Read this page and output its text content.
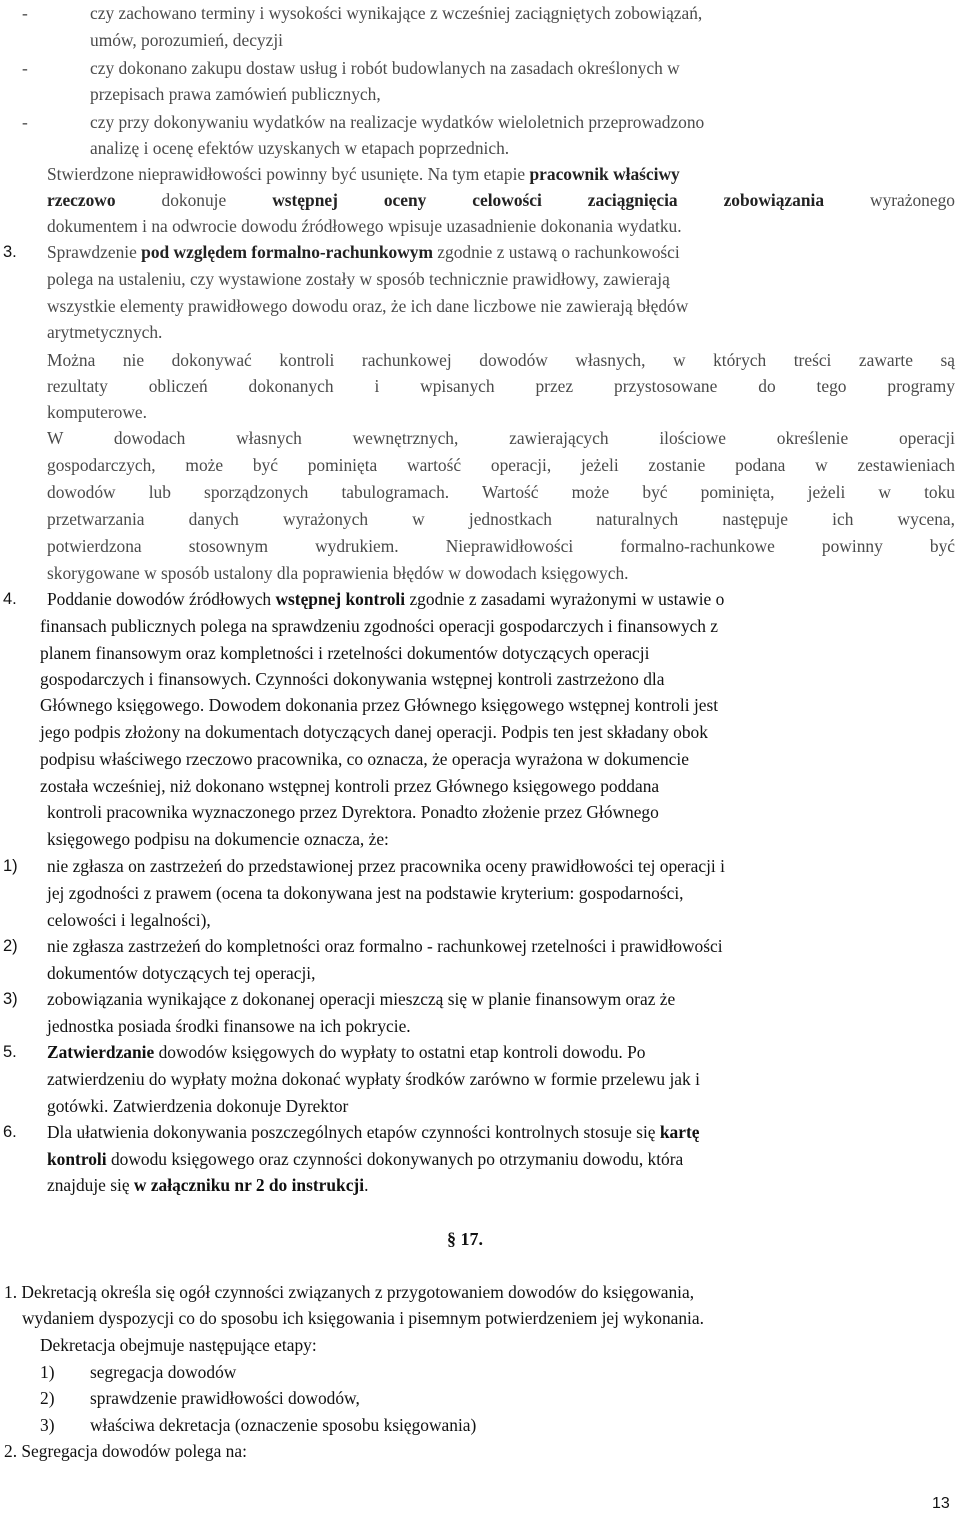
-	czy zachowano terminy i wysokości wynikające z wcześniej zaciągniętych zobowiązań,
umów, porozumień, decyzji
-	czy dokonano zakupu dostaw usług i robót budowlanych na zasadach określonych w
przepisach prawa zamówień publicznych,
-	czy przy dokonywaniu wydatków na realizacje wydatków wieloletnich przeprowadzono
analizę i ocenę efektów uzyskanych w etapach poprzednich.
Stwierdzone nieprawidłowości powinny być usunięte. Na tym etapie pracownik właściwy
rzeczowo dokonuje wstępnej oceny celowości zaciągnięcia zobowiązania wyrażonego
dokumentem i na odwrocie dowodu źródłowego wpisuje uzasadnienie dokonania wydatku.
3. Sprawdzenie pod względem formalno-rachunkowym zgodnie z ustawą o rachunkowości
polega na ustaleniu, czy wystawione zostały w sposób technicznie prawidłowy, zawierają
wszystkie elementy prawidłowego dowodu oraz, że ich dane liczbowe nie zawierają błędów
arytmetycznych.
Można nie dokonywać kontroli rachunkowej dowodów własnych, w których treści zawarte są
rezultaty obliczeń dokonanych i wpisanych przez przystosowane do tego programy
komputerowe.
W dowodach własnych wewnętrznych, zawierających ilościowe określenie operacji
gospodarczych, może być pominięta wartość operacji, jeżeli zostanie podana w zestawieniach
dowodów lub sporządzonych tabulogramach. Wartość może być pominięta, jeżeli w toku
przetwarzania danych wyrażonych w jednostkach naturalnych następuje ich wycena,
potwierdzona stosownym wydrukiem. Nieprawidłowości formalno-rachunkowe powinny być
skorygowane w sposób ustalony dla poprawienia błędów w dowodach księgowych.
4. Poddanie dowodów źródłowych wstępnej kontroli zgodnie z zasadami wyrażonymi w ustawie o
finansach publicznych polega na sprawdzeniu zgodności operacji gospodarczych i finansowych z
planem finansowym oraz kompletności i rzetelności dokumentów dotyczących operacji
gospodarczych i finansowych. Czynności dokonywania wstępnej kontroli zastrzeżono dla
Głównego księgowego. Dowodem dokonania przez Głównego księgowego wstępnej kontroli jest
jego podpis złożony na dokumentach dotyczących danej operacji. Podpis ten jest składany obok
podpisu właściwego rzeczowo pracownika, co oznacza, że operacja wyrażona w dokumencie
została wcześniej, niż dokonano wstępnej kontroli przez Głównego księgowego poddana
kontroli pracownika wyznaczonego przez Dyrektora. Ponadto złożenie przez Głównego
księgowego podpisu na dokumencie oznacza, że:
1) nie zgłasza on zastrzeżeń do przedstawionej przez pracownika oceny prawidłowości tej operacji i
jej zgodności z prawem (ocena ta dokonywana jest na podstawie kryterium: gospodarności,
celowości i legalności),
2) nie zgłasza zastrzeżeń do kompletności oraz formalno - rachunkowej rzetelności i prawidłowości
dokumentów dotyczących tej operacji,
3) zobowiązania wynikające z dokonanej operacji mieszczą się w planie finansowym oraz że
jednostka posiada środki finansowe na ich pokrycie.
5. Zatwierdzanie dowodów księgowych do wypłaty to ostatni etap kontroli dowodu. Po
zatwierdzeniu do wypłaty można dokonać wypłaty środków zarówno w formie przelewu jak i
gotówki. Zatwierdzenia dokonuje Dyrektor
6. Dla ułatwienia dokonywania poszczególnych etapów czynności kontrolnych stosuje się kartę
kontroli dowodu księgowego oraz czynności dokonywanych po otrzymaniu dowodu, która
znajduje się w załączniku nr 2 do instrukcji.
§ 17.
1. Dekretacją określa się ogół czynności związanych z przygotowaniem dowodów do księgowania,
wydaniem dyspozycji co do sposobu ich księgowania i pisemnym potwierdzeniem jej wykonania.
Dekretacja obejmuje następujące etapy:
1) segregacja dowodów
2) sprawdzenie prawidłowości dowodów,
3) właściwa dekretacja (oznaczenie sposobu księgowania)
2. Segregacja dowodów polega na:
13
